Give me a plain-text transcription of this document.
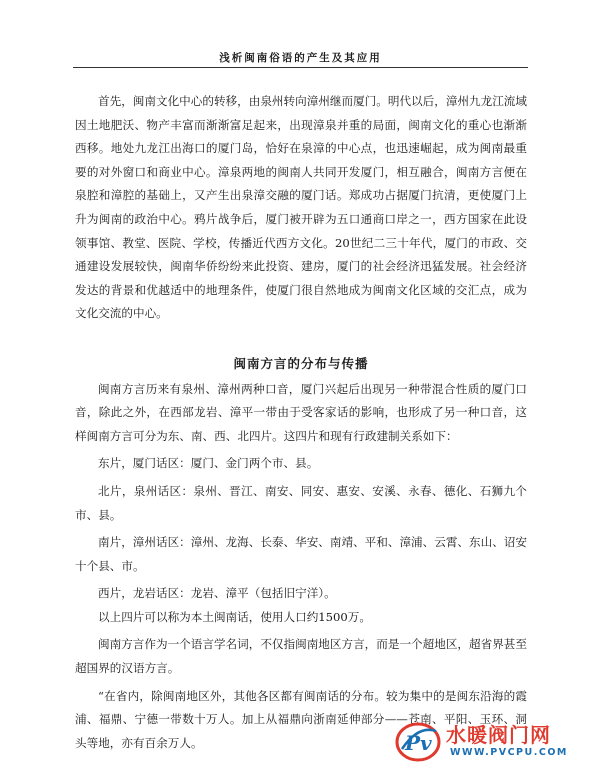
浅析闽南俗语的产生及其应用

首先，闽南文化中心的转移，由泉州转向漳州继而厦门。明代以后，漳州九龙江流域因土地肥沃、物产丰富而渐渐富足起来，出现漳泉并重的局面，闽南文化的重心也渐渐西移。地处九龙江出海口的厦门岛，恰好在泉漳的中心点，也迅速崛起，成为闽南最重要的对外窗口和商业中心。漳泉两地的闽南人共同开发厦门，相互融合，闽南方言便在泉腔和漳腔的基础上，又产生出泉漳交融的厦门话。郑成功占据厦门抗清，更使厦门上升为闽南的政治中心。鸦片战争后，厦门被开辟为五口通商口岸之一，西方国家在此设领事馆、教堂、医院、学校，传播近代西方文化。20世纪二三十年代，厦门的市政、交通建设发展较快，闽南华侨纷纷来此投资、建房，厦门的社会经济迅猛发展。社会经济发达的背景和优越适中的地理条件，使厦门很自然地成为闽南文化区域的交汇点，成为文化交流的中心。

闽南方言的分布与传播

闽南方言历来有泉州、漳州两种口音，厦门兴起后出现另一种带混合性质的厦门口音，除此之外，在西部龙岩、漳平一带由于受客家话的影响，也形成了另一种口音，这样闽南方言可分为东、南、西、北四片。这四片和现有行政建制关系如下：

东片，厦门话区：厦门、金门两个市、县。

北片，泉州话区：泉州、晋江、南安、同安、惠安、安溪、永春、德化、石狮九个市、县。

南片，漳州话区：漳州、龙海、长泰、华安、南靖、平和、漳浦、云霄、东山、诏安十个县、市。

西片，龙岩话区：龙岩、漳平（包括旧宁洋）。

以上四片可以称为本土闽南话，使用人口约1500万。

闽南方言作为一个语言学名词，不仅指闽南地区方言，而是一个超地区，超省界甚至超国界的汉语方言。

“在省内，除闽南地区外，其他各区都有闽南话的分布。较为集中的是闽东沿海的霞浦、福鼎、宁德一带数十万人。加上从福鼎向浙南延伸部分——苍南、平阳、玉环、洞头等地，亦有百余万人。	Pv 水暖阀门网
WWW.PVCPU.COM
